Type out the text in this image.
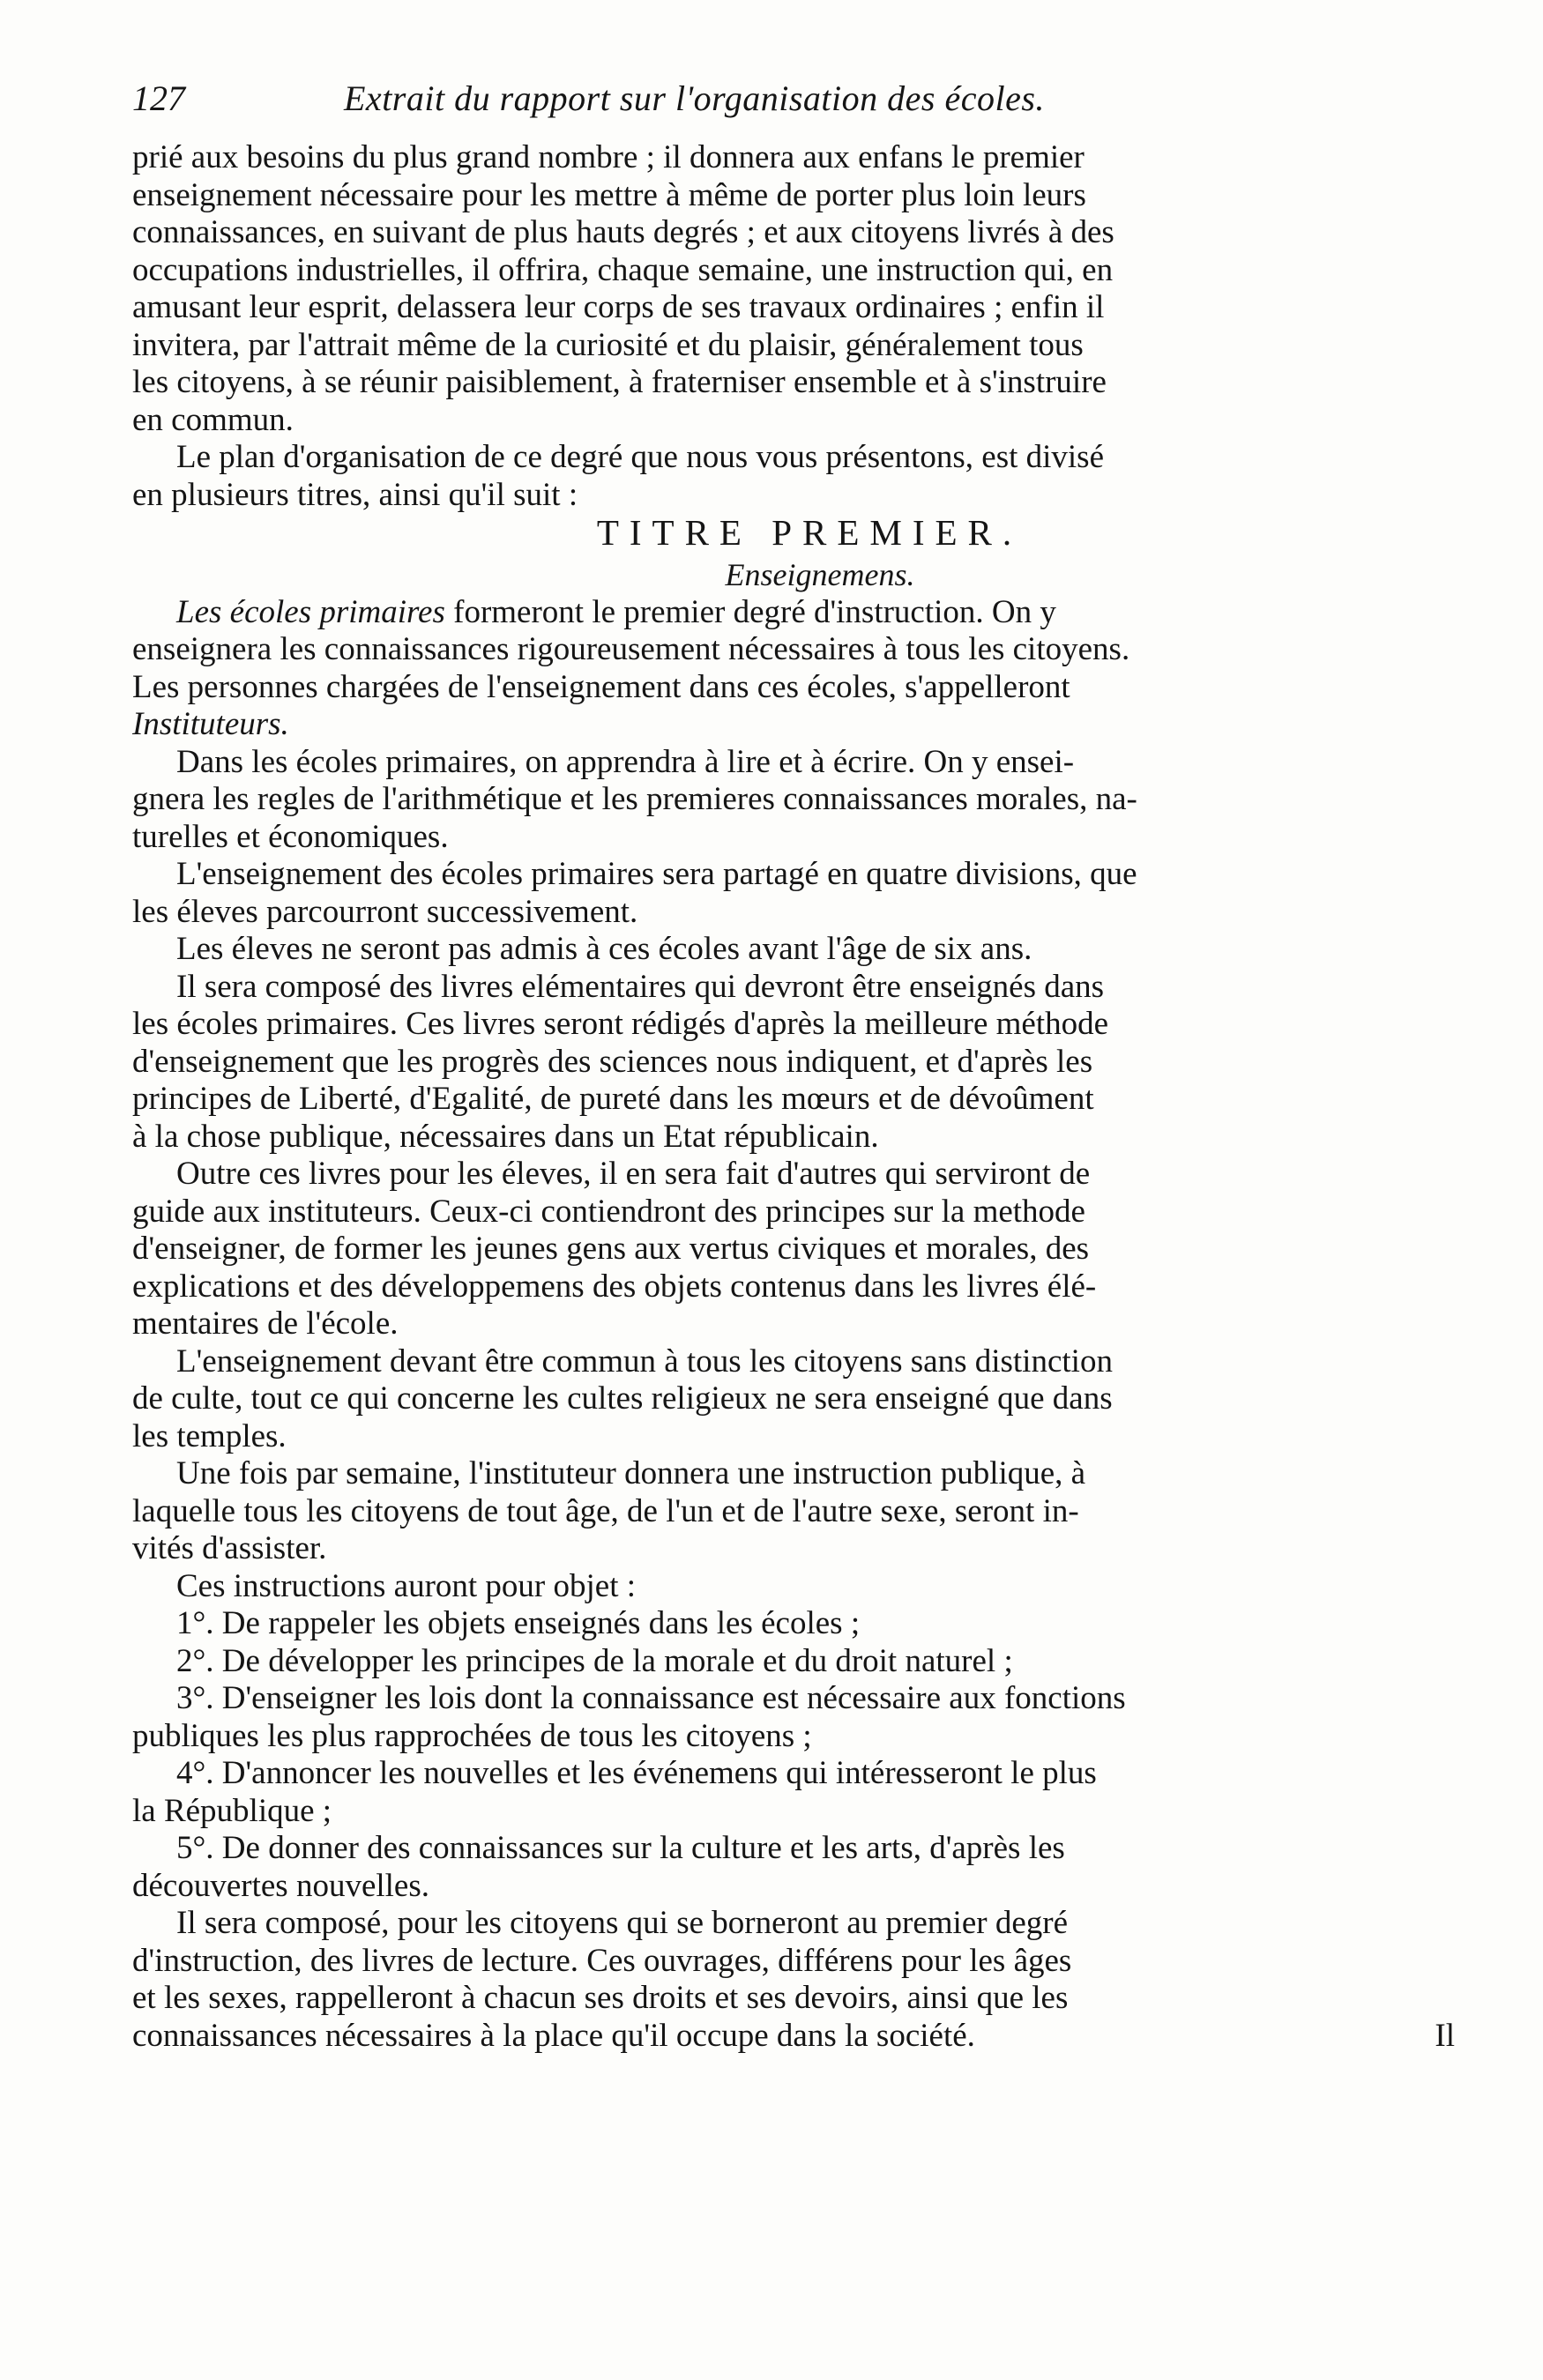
127	Extrait du rapport sur l'organisation des écoles.
prié aux besoins du plus grand nombre ; il donnera aux enfans le premier
enseignement nécessaire pour les mettre à même de porter plus loin leurs
connaissances, en suivant de plus hauts degrés ; et aux citoyens livrés à des
occupations industrielles, il offrira, chaque semaine, une instruction qui, en
amusant leur esprit, delassera leur corps de ses travaux ordinaires ; enfin il
invitera, par l'attrait même de la curiosité et du plaisir, généralement tous
les citoyens, à se réunir paisiblement, à fraterniser ensemble et à s'instruire
en commun.
Le plan d'organisation de ce degré que nous vous présentons, est divisé
en plusieurs titres, ainsi qu'il suit :
TITRE PREMIER.
Enseignemens.
Les écoles primaires formeront le premier degré d'instruction. On y
enseignera les connaissances rigoureusement nécessaires à tous les citoyens.
Les personnes chargées de l'enseignement dans ces écoles, s'appelleront
Instituteurs.
Dans les écoles primaires, on apprendra à lire et à écrire. On y ensei-
gnera les regles de l'arithmétique et les premieres connaissances morales, na-
turelles et économiques.
L'enseignement des écoles primaires sera partagé en quatre divisions, que
les éleves parcourront successivement.
Les éleves ne seront pas admis à ces écoles avant l'âge de six ans.
Il sera composé des livres elémentaires qui devront être enseignés dans
les écoles primaires. Ces livres seront rédigés d'après la meilleure méthode
d'enseignement que les progrès des sciences nous indiquent, et d'après les
principes de Liberté, d'Egalité, de pureté dans les mœurs et de dévoûment
à la chose publique, nécessaires dans un Etat républicain.
Outre ces livres pour les éleves, il en sera fait d'autres qui serviront de
guide aux instituteurs. Ceux-ci contiendront des principes sur la methode
d'enseigner, de former les jeunes gens aux vertus civiques et morales, des
explications et des développemens des objets contenus dans les livres élé-
mentaires de l'école.
L'enseignement devant être commun à tous les citoyens sans distinction
de culte, tout ce qui concerne les cultes religieux ne sera enseigné que dans
les temples.
Une fois par semaine, l'instituteur donnera une instruction publique, à
laquelle tous les citoyens de tout âge, de l'un et de l'autre sexe, seront in-
vités d'assister.
Ces instructions auront pour objet :
1°. De rappeler les objets enseignés dans les écoles ;
2°. De développer les principes de la morale et du droit naturel ;
3°. D'enseigner les lois dont la connaissance est nécessaire aux fonctions
publiques les plus rapprochées de tous les citoyens ;
4°. D'annoncer les nouvelles et les événemens qui intéresseront le plus
la République ;
5°. De donner des connaissances sur la culture et les arts, d'après les
découvertes nouvelles.
Il sera composé, pour les citoyens qui se borneront au premier degré
d'instruction, des livres de lecture. Ces ouvrages, différens pour les âges
et les sexes, rappelleront à chacun ses droits et ses devoirs, ainsi que les
connaissances nécessaires à la place qu'il occupe dans la société.	Il
